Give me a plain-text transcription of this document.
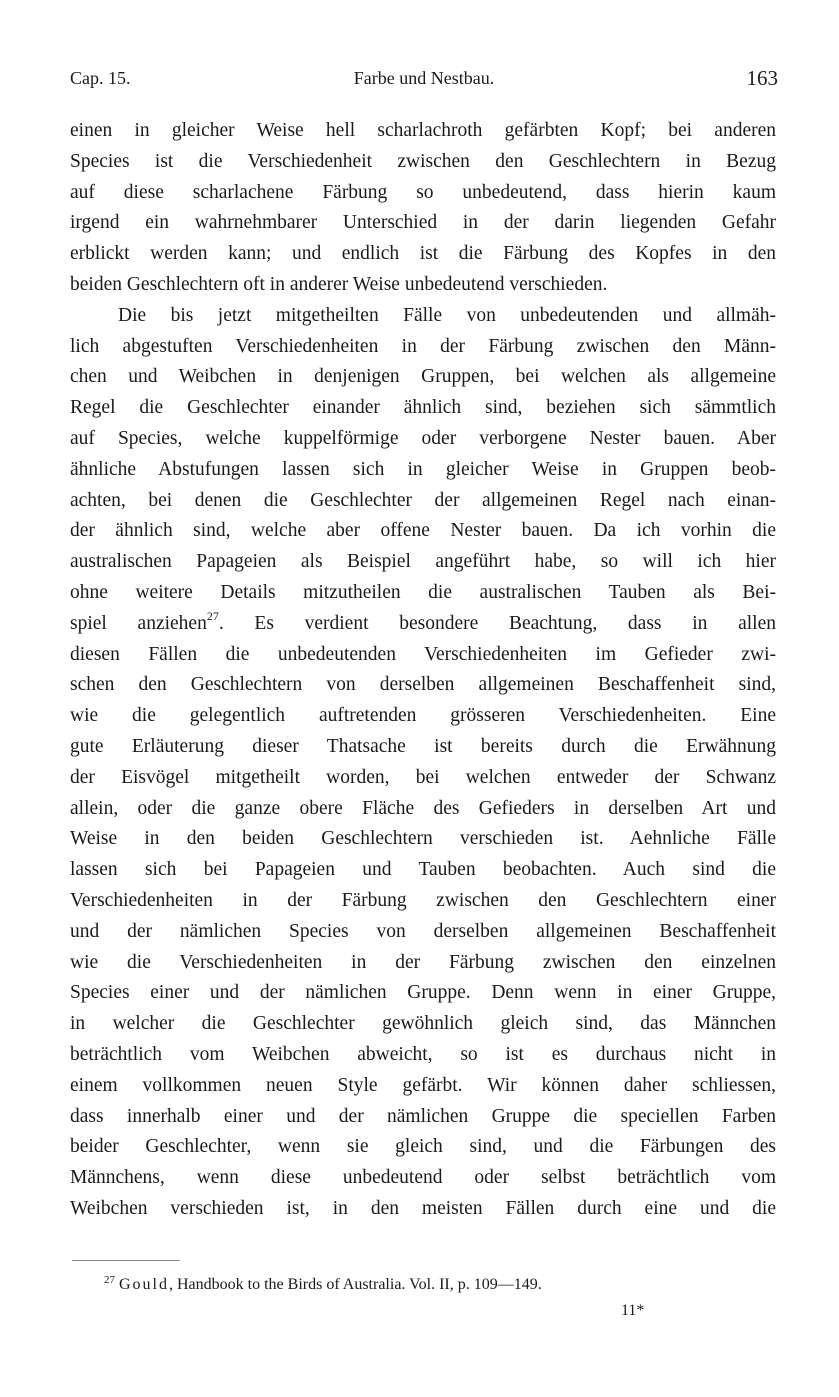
Cap. 15.	Farbe und Nestbau.	163
einen in gleicher Weise hell scharlachroth gefärbten Kopf; bei anderen
Species ist die Verschiedenheit zwischen den Geschlechtern in Bezug
auf diese scharlachene Färbung so unbedeutend, dass hierin kaum
irgend ein wahrnehmbarer Unterschied in der darin liegenden Gefahr
erblickt werden kann; und endlich ist die Färbung des Kopfes in den
beiden Geschlechtern oft in anderer Weise unbedeutend verschieden.
Die bis jetzt mitgetheilten Fälle von unbedeutenden und allmäh-
lich abgestuften Verschiedenheiten in der Färbung zwischen den Männ-
chen und Weibchen in denjenigen Gruppen, bei welchen als allgemeine
Regel die Geschlechter einander ähnlich sind, beziehen sich sämmtlich
auf Species, welche kuppelförmige oder verborgene Nester bauen. Aber
ähnliche Abstufungen lassen sich in gleicher Weise in Gruppen beob-
achten, bei denen die Geschlechter der allgemeinen Regel nach einan-
der ähnlich sind, welche aber offene Nester bauen. Da ich vorhin die
australischen Papageien als Beispiel angeführt habe, so will ich hier
ohne weitere Details mitzutheilen die australischen Tauben als Bei-
spiel anziehen$^{27}$. Es verdient besondere Beachtung, dass in allen
diesen Fällen die unbedeutenden Verschiedenheiten im Gefieder zwi-
schen den Geschlechtern von derselben allgemeinen Beschaffenheit sind,
wie die gelegentlich auftretenden grösseren Verschiedenheiten. Eine
gute Erläuterung dieser Thatsache ist bereits durch die Erwähnung
der Eisvögel mitgetheilt worden, bei welchen entweder der Schwanz
allein, oder die ganze obere Fläche des Gefieders in derselben Art und
Weise in den beiden Geschlechtern verschieden ist. Aehnliche Fälle
lassen sich bei Papageien und Tauben beobachten. Auch sind die
Verschiedenheiten in der Färbung zwischen den Geschlechtern einer
und der nämlichen Species von derselben allgemeinen Beschaffenheit
wie die Verschiedenheiten in der Färbung zwischen den einzelnen
Species einer und der nämlichen Gruppe. Denn wenn in einer Gruppe,
in welcher die Geschlechter gewöhnlich gleich sind, das Männchen
beträchtlich vom Weibchen abweicht, so ist es durchaus nicht in
einem vollkommen neuen Style gefärbt. Wir können daher schliessen,
dass innerhalb einer und der nämlichen Gruppe die speciellen Farben
beider Geschlechter, wenn sie gleich sind, und die Färbungen des
Männchens, wenn diese unbedeutend oder selbst beträchtlich vom
Weibchen verschieden ist, in den meisten Fällen durch eine und die
$^{27}$ Gould, Handbook to the Birds of Australia. Vol. II, p. 109—149.
11*
